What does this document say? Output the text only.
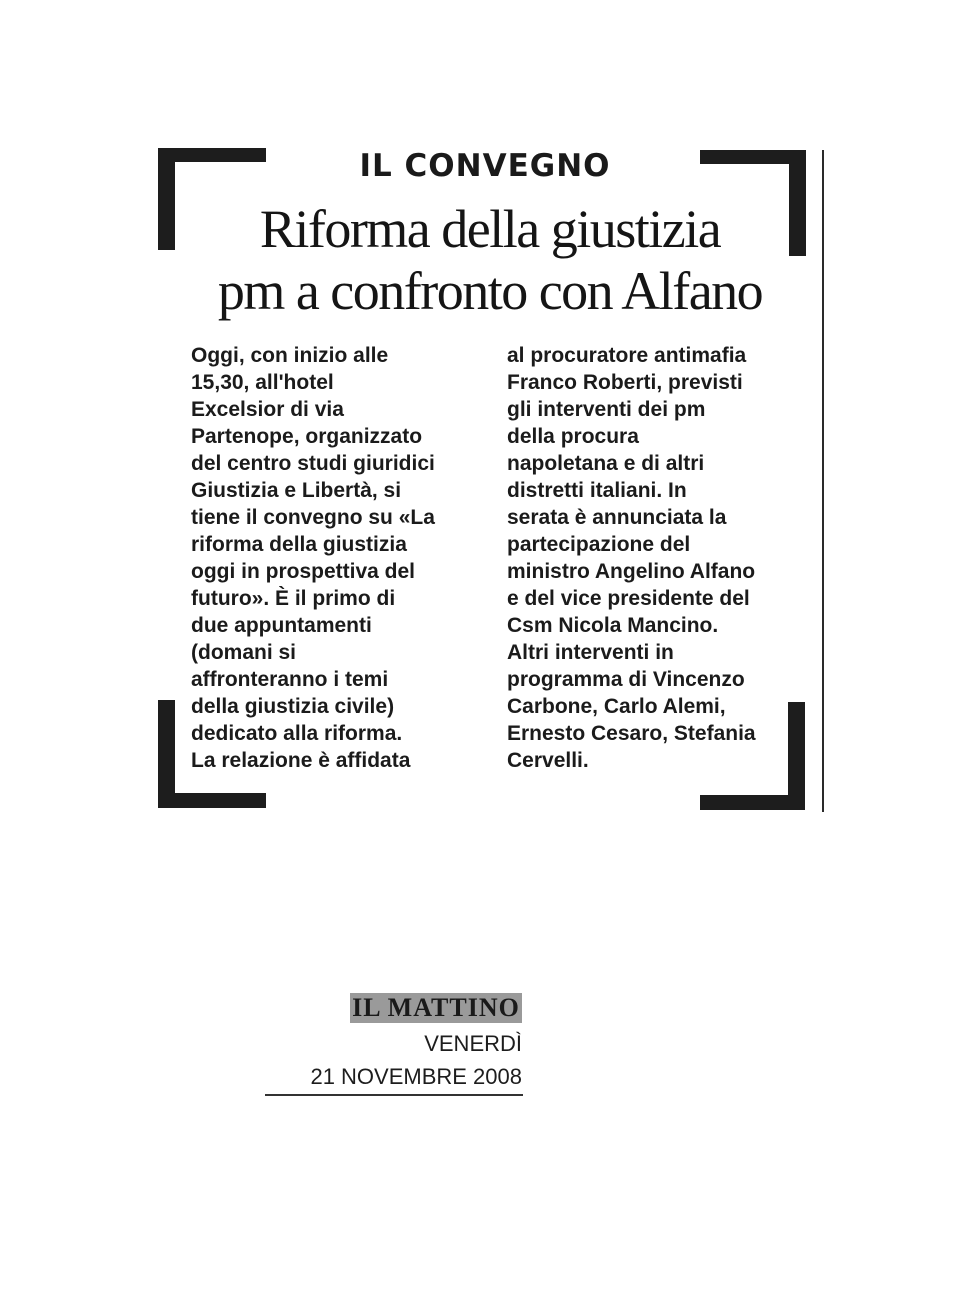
IL CONVEGNO
Riforma della giustizia
pm a confronto con Alfano
Oggi, con inizio alle
15,30, all'hotel
Excelsior di via
Partenope, organizzato
del centro studi giuridici
Giustizia e Libertà, si
tiene il convegno su «La
riforma della giustizia
oggi in prospettiva del
futuro». È il primo di
due appuntamenti
(domani si
affronteranno i temi
della giustizia civile)
dedicato alla riforma.
La relazione è affidata
al procuratore antimafia
Franco Roberti, previsti
gli interventi dei pm
della procura
napoletana e di altri
distretti italiani. In
serata è annunciata la
partecipazione del
ministro Angelino Alfano
e del vice presidente del
Csm Nicola Mancino.
Altri interventi in
programma di Vincenzo
Carbone, Carlo Alemi,
Ernesto Cesaro, Stefania
Cervelli.
IL MATTINO
VENERDÌ
21 NOVEMBRE 2008
